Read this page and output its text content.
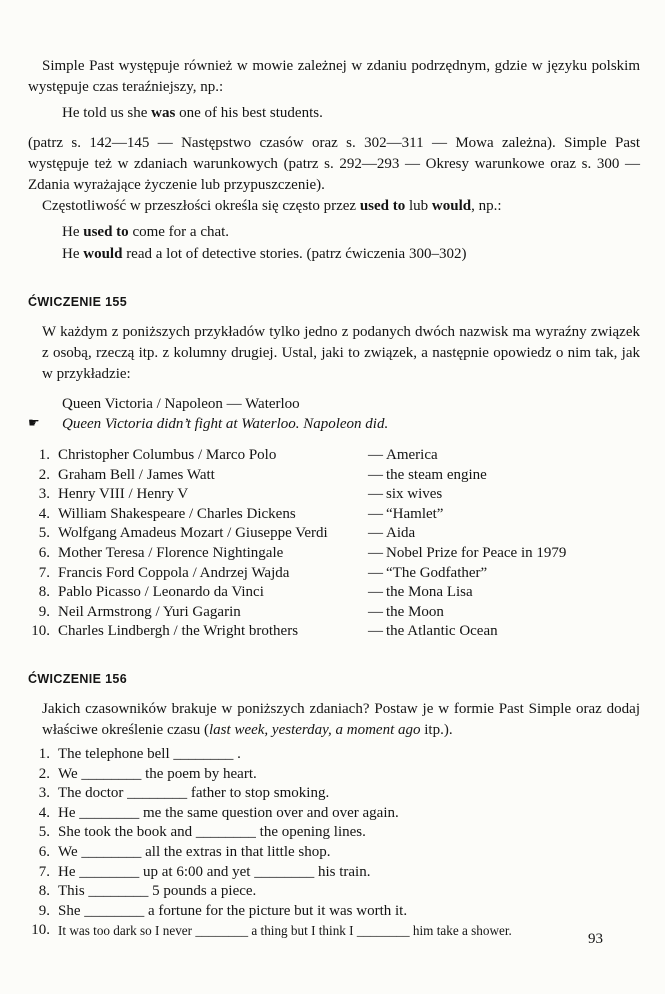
Simple Past występuje również w mowie zależnej w zdaniu podrzędnym, gdzie w języku polskim występuje czas teraźniejszy, np.:

He told us she was one of his best students.

(patrz s. 142—145 — Następstwo czasów oraz s. 302—311 — Mowa zależna). Simple Past występuje też w zdaniach warunkowych (patrz s. 292—293 — Okresy warunkowe oraz s. 300 — Zdania wyrażające życzenie lub przypuszczenie).

Częstotliwość w przeszłości określa się często przez used to lub would, np.:

He used to come for a chat.

He would read a lot of detective stories. (patrz ćwiczenia 300–302)

ĆWICZENIE 155

W każdym z poniższych przykładów tylko jedno z podanych dwóch nazwisk ma wyraźny związek z osobą, rzeczą itp. z kolumny drugiej. Ustal, jaki to związek, a następnie opowiedz o nim tak, jak w przykładzie:

Queen Victoria / Napoleon — Waterloo

☛	Queen Victoria didn’t fight at Waterloo. Napoleon did.

1. Christopher Columbus / Marco Polo	— America
2. Graham Bell / James Watt	— the steam engine
3. Henry VIII / Henry V	— six wives
4. William Shakespeare / Charles Dickens	— “Hamlet”
5. Wolfgang Amadeus Mozart / Giuseppe Verdi	— Aida
6. Mother Teresa / Florence Nightingale	— Nobel Prize for Peace in 1979
7. Francis Ford Coppola / Andrzej Wajda	— “The Godfather”
8. Pablo Picasso / Leonardo da Vinci	— the Mona Lisa
9. Neil Armstrong / Yuri Gagarin	— the Moon
10. Charles Lindbergh / the Wright brothers	— the Atlantic Ocean

ĆWICZENIE 156

Jakich czasowników brakuje w poniższych zdaniach? Postaw je w formie Past Simple oraz dodaj właściwe określenie czasu (last week, yesterday, a moment ago itp.).

1. The telephone bell ________ .
2. We ________ the poem by heart.
3. The doctor ________ father to stop smoking.
4. He ________ me the same question over and over again.
5. She took the book and ________ the opening lines.
6. We ________ all the extras in that little shop.
7. He ________ up at 6:00 and yet ________ his train.
8. This ________ 5 pounds a piece.
9. She ________ a fortune for the picture but it was worth it.
10. It was too dark so I never ________ a thing but I think I ________ him take a shower.
93
